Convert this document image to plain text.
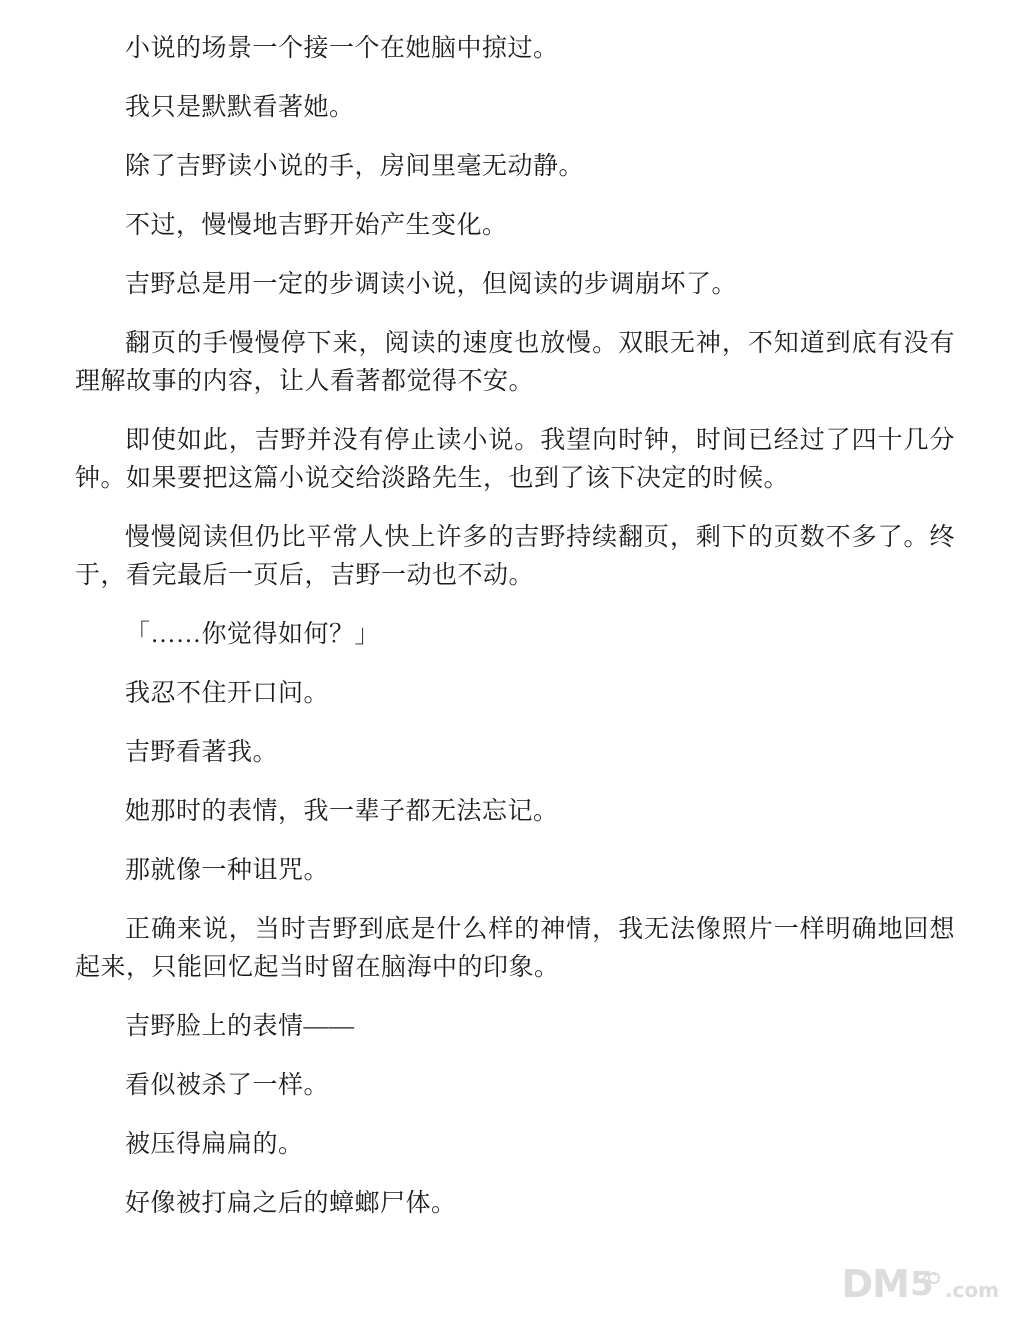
小说的场景一个接一个在她脑中掠过。

我只是默默看著她。

除了吉野读小说的手，房间里毫无动静。

不过，慢慢地吉野开始产生变化。

吉野总是用一定的步调读小说，但阅读的步调崩坏了。

翻页的手慢慢停下来，阅读的速度也放慢。双眼无神，不知道到底有没有理解故事的内容，让人看著都觉得不安。

即使如此，吉野并没有停止读小说。我望向时钟，时间已经过了四十几分钟。如果要把这篇小说交给淡路先生，也到了该下决定的时候。

慢慢阅读但仍比平常人快上许多的吉野持续翻页，剩下的页数不多了。终于，看完最后一页后，吉野一动也不动。

「……你觉得如何？」

我忍不住开口问。

吉野看著我。

她那时的表情，我一辈子都无法忘记。

那就像一种诅咒。

正确来说，当时吉野到底是什么样的神情，我无法像照片一样明确地回想起来，只能回忆起当时留在脑海中的印象。

吉野脸上的表情——

看似被杀了一样。

被压得扁扁的。

好像被打扁之后的蟑螂尸体。

DM 5 .com
